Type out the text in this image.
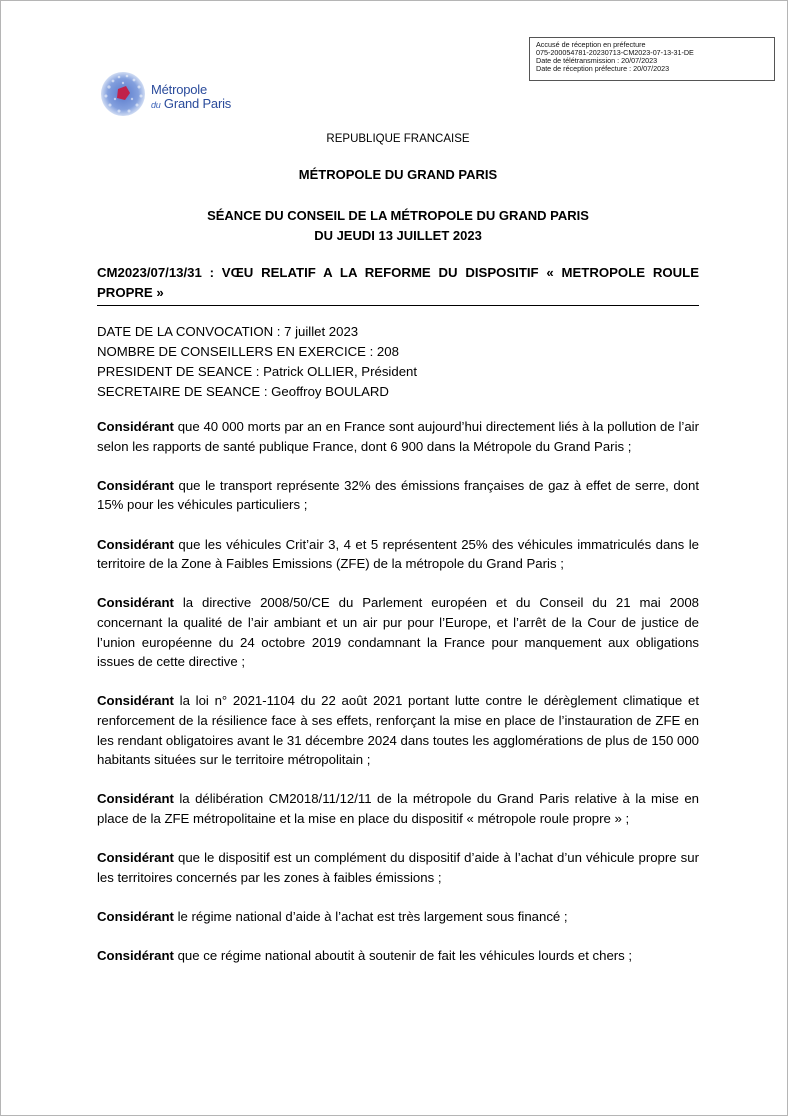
Accusé de réception en préfecture
075-200054781-20230713-CM2023-07-13-31-DE
Date de télétransmission : 20/07/2023
Date de réception préfecture : 20/07/2023
Métropole
du Grand Paris
REPUBLIQUE FRANCAISE
MÉTROPOLE DU GRAND PARIS
SÉANCE DU CONSEIL DE LA MÉTROPOLE DU GRAND PARIS
DU JEUDI 13 JUILLET 2023
CM2023/07/13/31 : VŒU RELATIF A LA REFORME DU DISPOSITIF « METROPOLE ROULE PROPRE »
DATE DE LA CONVOCATION : 7 juillet 2023
NOMBRE DE CONSEILLERS EN EXERCICE : 208
PRESIDENT DE SEANCE : Patrick OLLIER, Président
SECRETAIRE DE SEANCE : Geoffroy BOULARD

Considérant que 40 000 morts par an en France sont aujourd’hui directement liés à la pollution de l’air selon les rapports de santé publique France, dont 6 900 dans la Métropole du Grand Paris ;

Considérant que le transport représente 32% des émissions françaises de gaz à effet de serre, dont 15% pour les véhicules particuliers ;

Considérant que les véhicules Crit’air 3, 4 et 5 représentent 25% des véhicules immatriculés dans le territoire de la Zone à Faibles Emissions (ZFE) de la métropole du Grand Paris ;

Considérant la directive 2008/50/CE du Parlement européen et du Conseil du 21 mai 2008 concernant la qualité de l’air ambiant et un air pur pour l’Europe, et l’arrêt de la Cour de justice de l’union européenne du 24 octobre 2019 condamnant la France pour manquement aux obligations issues de cette directive ;

Considérant la loi n° 2021-1104 du 22 août 2021 portant lutte contre le dérèglement climatique et renforcement de la résilience face à ses effets, renforçant la mise en place de l’instauration de ZFE en les rendant obligatoires avant le 31 décembre 2024 dans toutes les agglomérations de plus de 150 000 habitants situées sur le territoire métropolitain ;

Considérant la délibération CM2018/11/12/11 de la métropole du Grand Paris relative à la mise en place de la ZFE métropolitaine et la mise en place du dispositif « métropole roule propre » ;

Considérant que le dispositif est un complément du dispositif d’aide à l’achat d’un véhicule propre sur les territoires concernés par les zones à faibles émissions ;

Considérant le régime national d’aide à l’achat est très largement sous financé ;

Considérant que ce régime national aboutit à soutenir de fait les véhicules lourds et chers ;
